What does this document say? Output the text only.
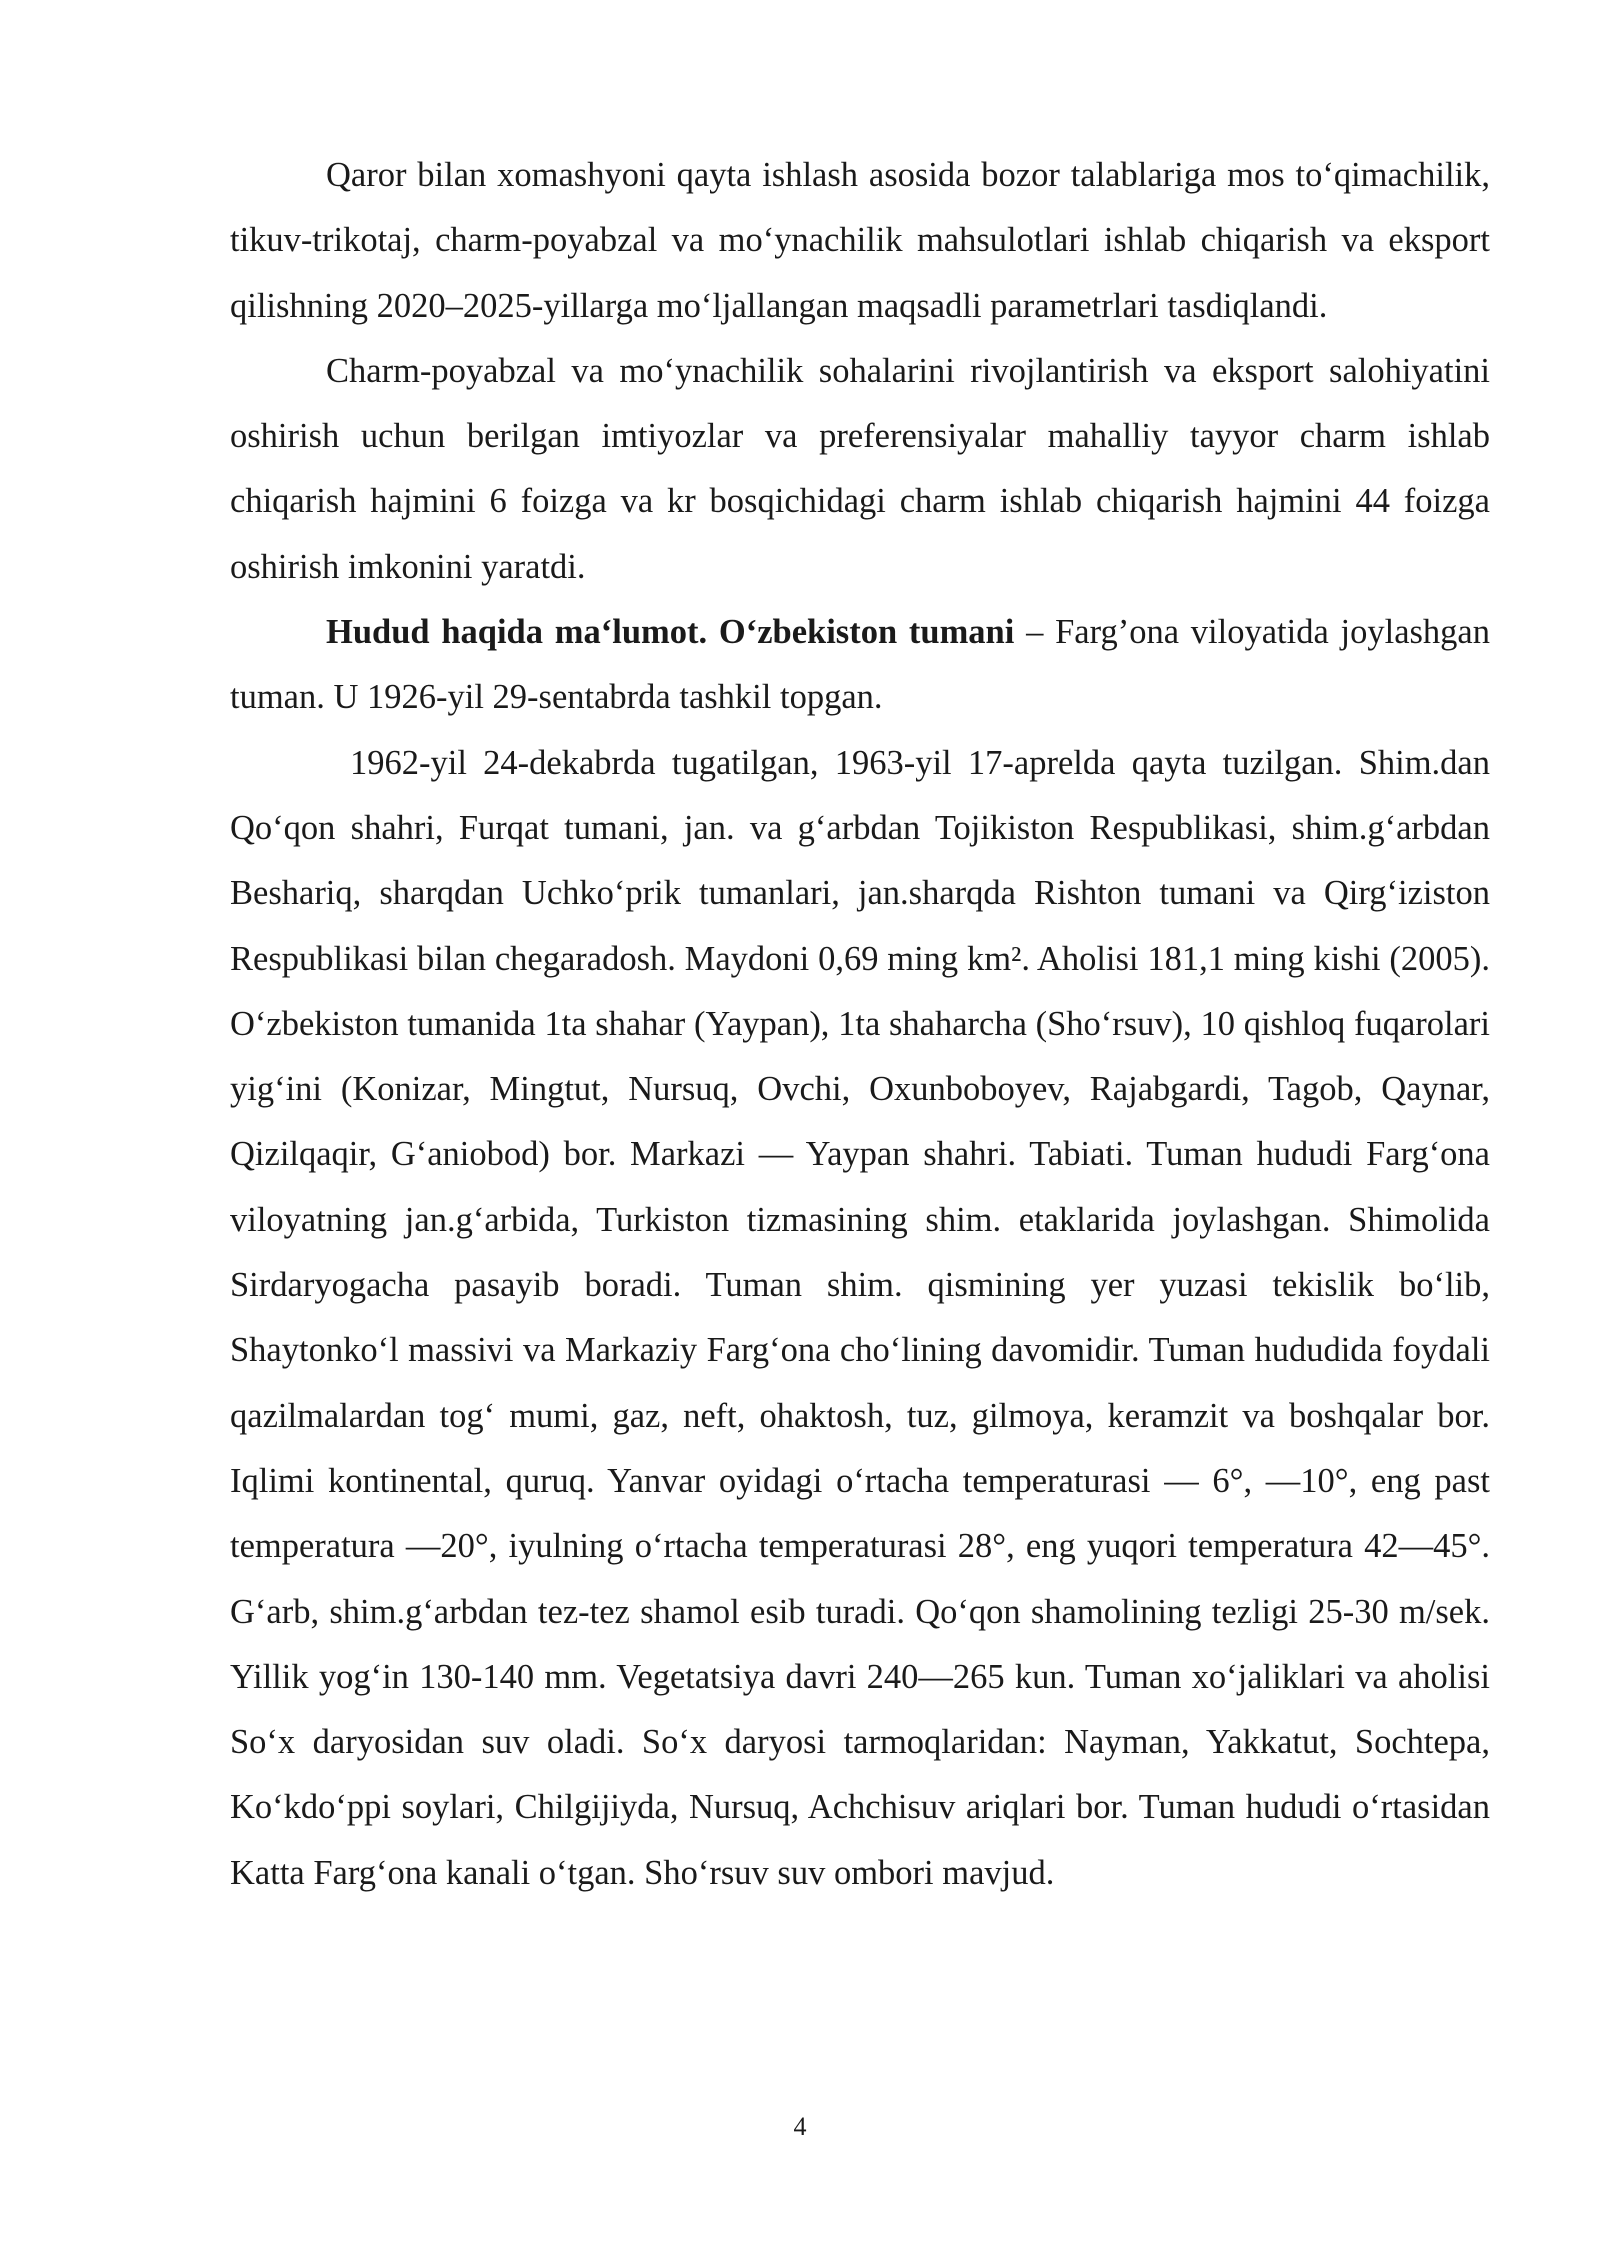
Qaror bilan xomashyoni qayta ishlash asosida bozor talablariga mos toʻqimachilik, tikuv-trikotaj, charm-poyabzal va moʻynachilik mahsulotlari ishlab chiqarish va eksport qilishning 2020–2025-yillarga moʻljallangan maqsadli parametrlari tasdiqlandi.

Charm-poyabzal va moʻynachilik sohalarini rivojlantirish va eksport salohiyatini oshirish uchun berilgan imtiyozlar va preferensiyalar mahalliy tayyor charm ishlab chiqarish hajmini 6 foizga va kr bosqichidagi charm ishlab chiqarish hajmini 44 foizga oshirish imkonini yaratdi.

Hudud haqida maʻlumot. Oʻzbekiston tumani – Farg’ona viloyatida joylashgan tuman. U 1926-yil 29-sentabrda tashkil topgan.

1962-yil 24-dekabrda tugatilgan, 1963-yil 17-aprelda qayta tuzilgan. Shim.dan Qoʻqon shahri, Furqat tumani, jan. va gʻarbdan Tojikiston Respublikasi, shim.gʻarbdan Beshariq, sharqdan Uchkoʻprik tumanlari, jan.sharqda Rishton tumani va Qirgʻiziston Respublikasi bilan chegaradosh. Maydoni 0,69 ming km². Aholisi 181,1 ming kishi (2005). Oʻzbekiston tumanida 1ta shahar (Yaypan), 1ta shaharcha (Shoʻrsuv), 10 qishloq fuqarolari yigʻini (Konizar, Mingtut, Nursuq, Ovchi, Oxunboboyev, Rajabgardi, Tagob, Qaynar, Qizilqaqir, Gʻaniobod) bor. Markazi — Yaypan shahri. Tabiati. Tuman hududi Fargʻona viloyatning jan.gʻarbida, Turkiston tizmasining shim. etaklarida joylashgan. Shimolida Sirdaryogacha pasayib boradi. Tuman shim. qismining yer yuzasi tekislik boʻlib, Shaytonkoʻl massivi va Markaziy Fargʻona choʻlining davomidir. Tuman hududida foydali qazilmalardan togʻ mumi, gaz, neft, ohaktosh, tuz, gilmoya, keramzit va boshqalar bor. Iqlimi kontinental, quruq. Yanvar oyidagi oʻrtacha temperaturasi — 6°, —10°, eng past temperatura —20°, iyulning oʻrtacha temperaturasi 28°, eng yuqori temperatura 42—45°. Gʻarb, shim.gʻarbdan tez-tez shamol esib turadi. Qoʻqon shamolining tezligi 25-30 m/sek. Yillik yogʻin 130-140 mm. Vegetatsiya davri 240—265 kun. Tuman xoʻjaliklari va aholisi Soʻx daryosidan suv oladi. Soʻx daryosi tarmoqlaridan: Nayman, Yakkatut, Sochtepa, Koʻkdoʻppi soylari, Chilgijiyda, Nursuq, Achchisuv ariqlari bor. Tuman hududi oʻrtasidan Katta Fargʻona kanali oʻtgan. Shoʻrsuv suv ombori mavjud.

4
